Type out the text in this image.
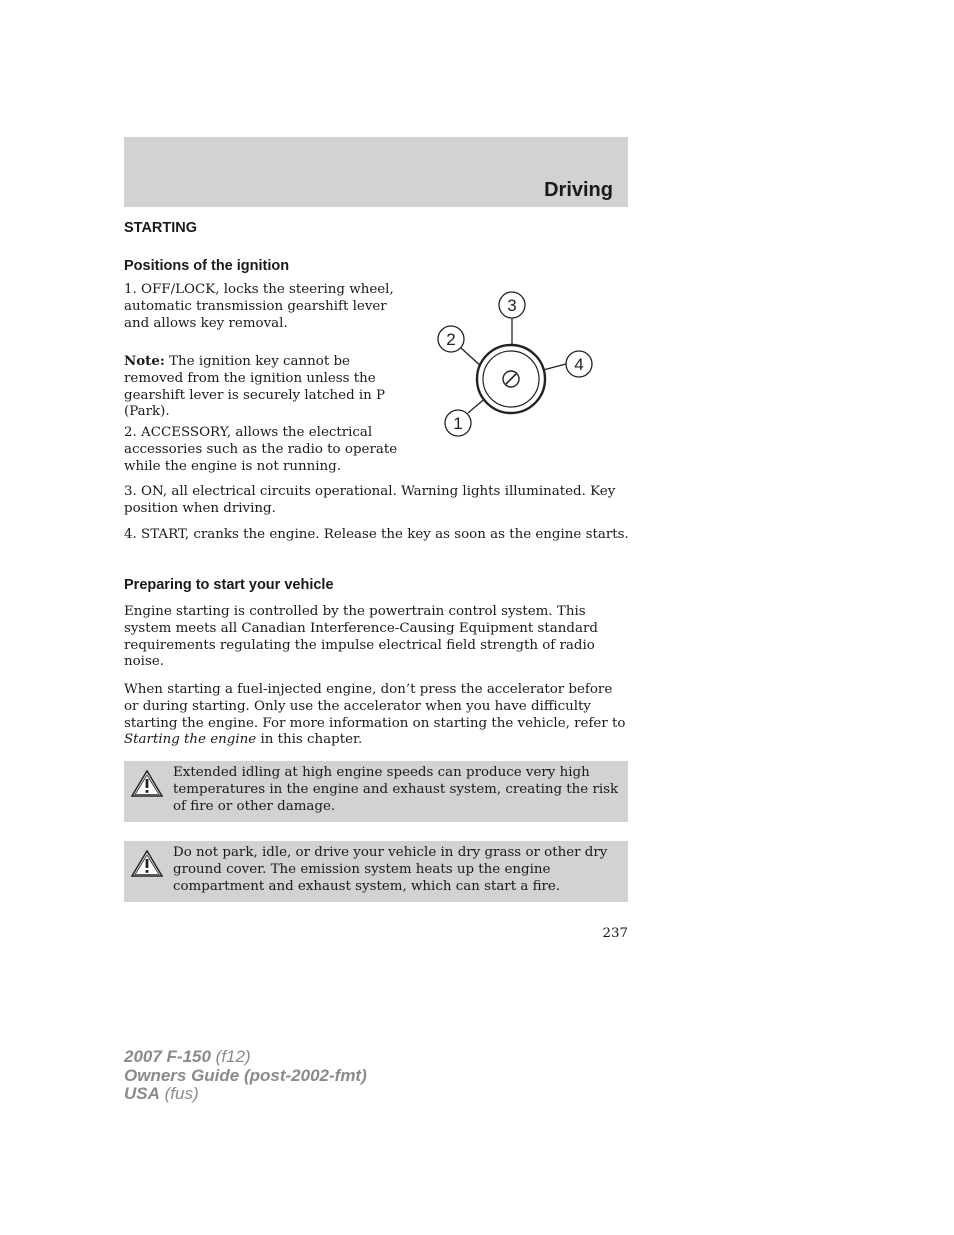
Driving
STARTING
Positions of the ignition

1. OFF/LOCK, locks the steering wheel, automatic transmission gearshift lever and allows key removal.

Note: The ignition key cannot be removed from the ignition unless the gearshift lever is securely latched in P (Park).

2. ACCESSORY, allows the electrical accessories such as the radio to operate while the engine is not running.

3. ON, all electrical circuits operational. Warning lights illuminated. Key position when driving.

4. START, cranks the engine. Release the key as soon as the engine starts.

3
2
4
1
Preparing to start your vehicle

Engine starting is controlled by the powertrain control system. This system meets all Canadian Interference-Causing Equipment standard requirements regulating the impulse electrical field strength of radio noise.

When starting a fuel-injected engine, don’t press the accelerator before or during starting. Only use the accelerator when you have difficulty starting the engine. For more information on starting the vehicle, refer to Starting the engine in this chapter.

Extended idling at high engine speeds can produce very high temperatures in the engine and exhaust system, creating the risk of fire or other damage.
Do not park, idle, or drive your vehicle in dry grass or other dry ground cover. The emission system heats up the engine compartment and exhaust system, which can start a fire.
237
2007 F-150 (f12)
Owners Guide (post-2002-fmt)
USA (fus)
